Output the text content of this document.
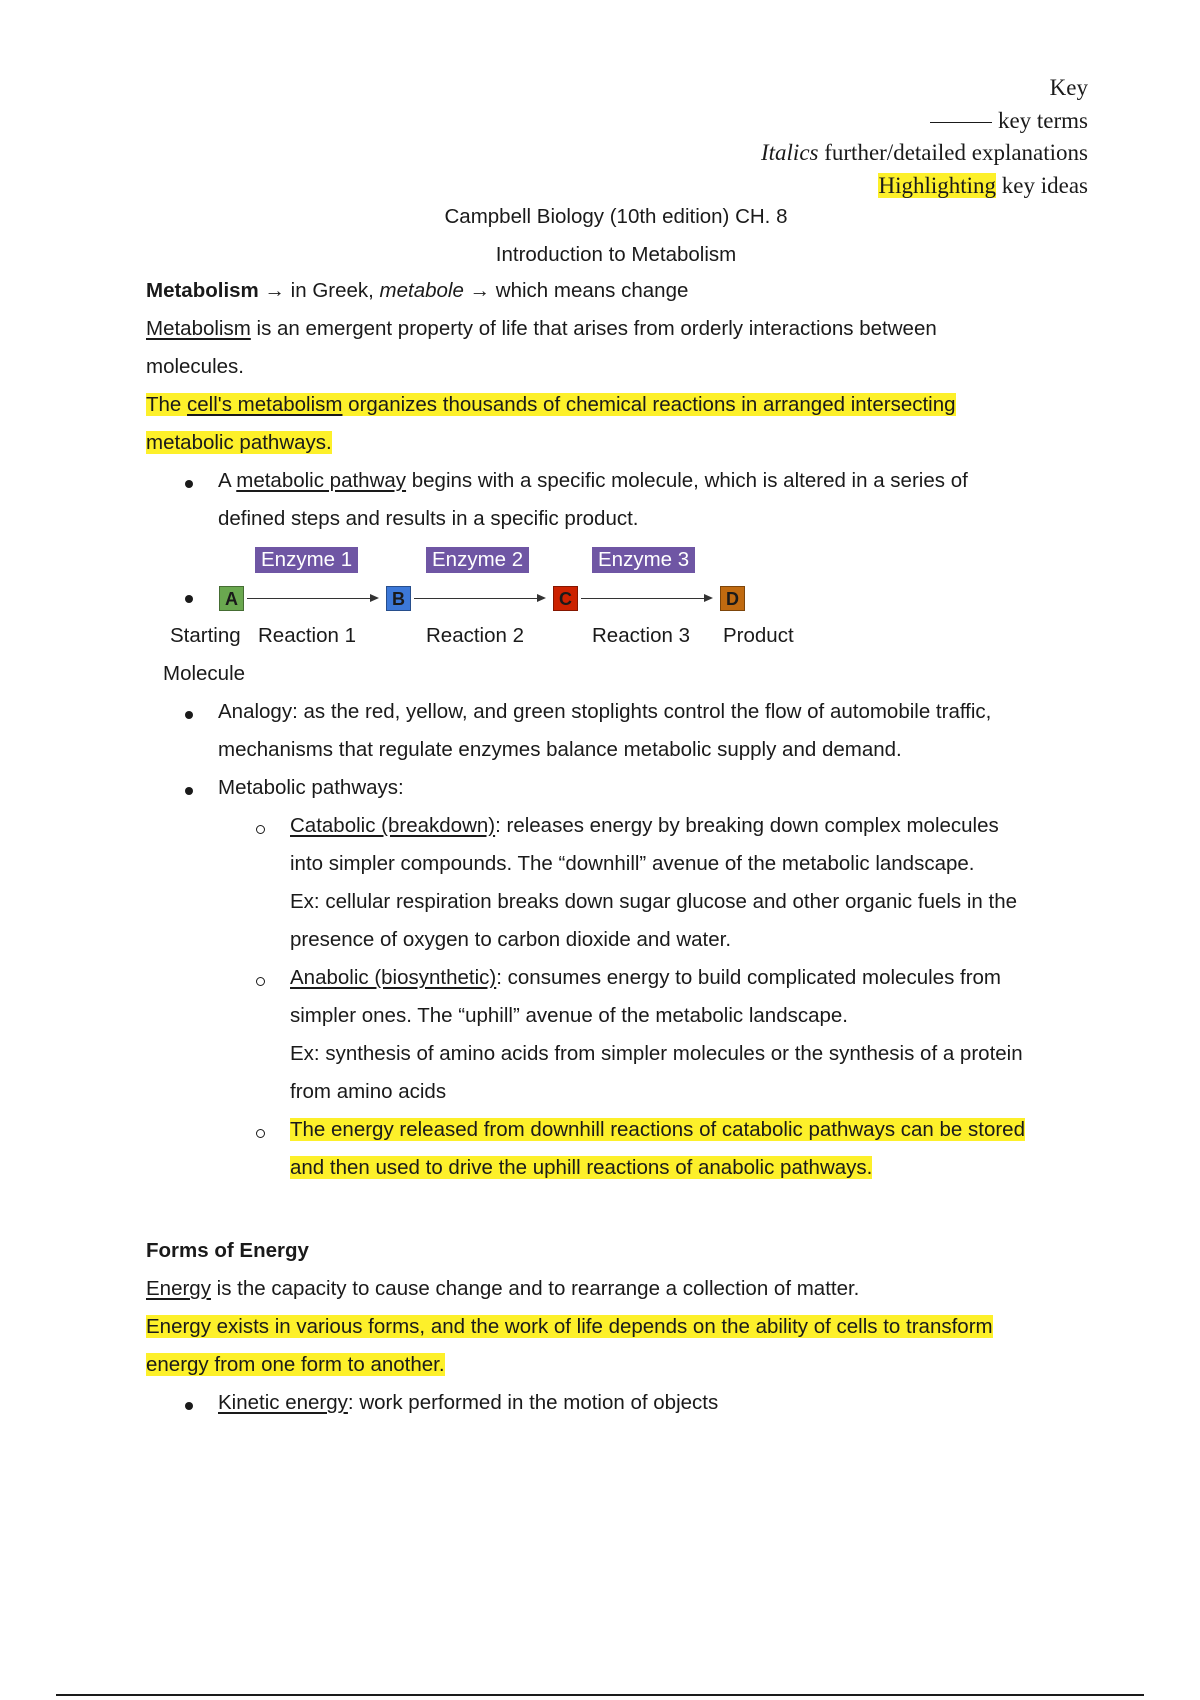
Key
key terms
Italics further/detailed explanations
Highlighting key ideas
Campbell Biology (10th edition) CH. 8
Introduction to Metabolism
Metabolism → in Greek, metabole → which means change
Metabolism is an emergent property of life that arises from orderly interactions between
molecules.
The cell's metabolism organizes thousands of chemical reactions in arranged intersecting
metabolic pathways.
A metabolic pathway begins with a specific molecule, which is altered in a series of
defined steps and results in a specific product.
Enzyme 1	Enzyme 2	Enzyme 3
A	B	C	D
Starting
Molecule
Reaction 1	Reaction 2	Reaction 3 Product
Analogy: as the red, yellow, and green stoplights control the flow of automobile traffic,
mechanisms that regulate enzymes balance metabolic supply and demand.
Metabolic pathways:
Catabolic (breakdown): releases energy by breaking down complex molecules
into simpler compounds. The “downhill” avenue of the metabolic landscape.
Ex: cellular respiration breaks down sugar glucose and other organic fuels in the
presence of oxygen to carbon dioxide and water.
Anabolic (biosynthetic): consumes energy to build complicated molecules from
simpler ones. The “uphill” avenue of the metabolic landscape.
Ex: synthesis of amino acids from simpler molecules or the synthesis of a protein
from amino acids
The energy released from downhill reactions of catabolic pathways can be stored
and then used to drive the uphill reactions of anabolic pathways.
Forms of Energy
Energy is the capacity to cause change and to rearrange a collection of matter.
Energy exists in various forms, and the work of life depends on the ability of cells to transform
energy from one form to another.
Kinetic energy: work performed in the motion of objects
